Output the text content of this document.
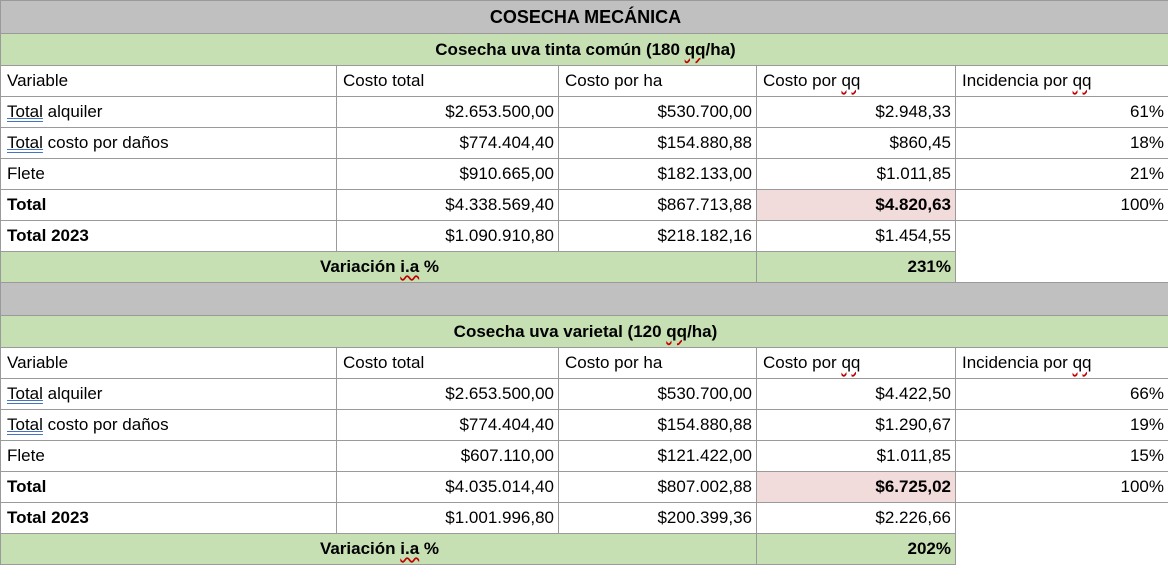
COSECHA MECÁNICA				
Cosecha uva tinta común (180 qq/ha)				
Variable	Costo total	Costo por ha	Costo por qq	Incidencia por qq
Total alquiler	$2.653.500,00	$530.700,00	$2.948,33	61%
Total costo por daños	$774.404,40	$154.880,88	$860,45	18%
Flete	$910.665,00	$182.133,00	$1.011,85	21%
Total	$4.338.569,40	$867.713,88	$4.820,63	100%
Total 2023	$1.090.910,80	$218.182,16	$1.454,55	
Variación i.a %			231%	

Cosecha uva varietal (120 qq/ha)				
Variable	Costo total	Costo por ha	Costo por qq	Incidencia por qq
Total alquiler	$2.653.500,00	$530.700,00	$4.422,50	66%
Total costo por daños	$774.404,40	$154.880,88	$1.290,67	19%
Flete	$607.110,00	$121.422,00	$1.011,85	15%
Total	$4.035.014,40	$807.002,88	$6.725,02	100%
Total 2023	$1.001.996,80	$200.399,36	$2.226,66	
Variación i.a %			202%	
